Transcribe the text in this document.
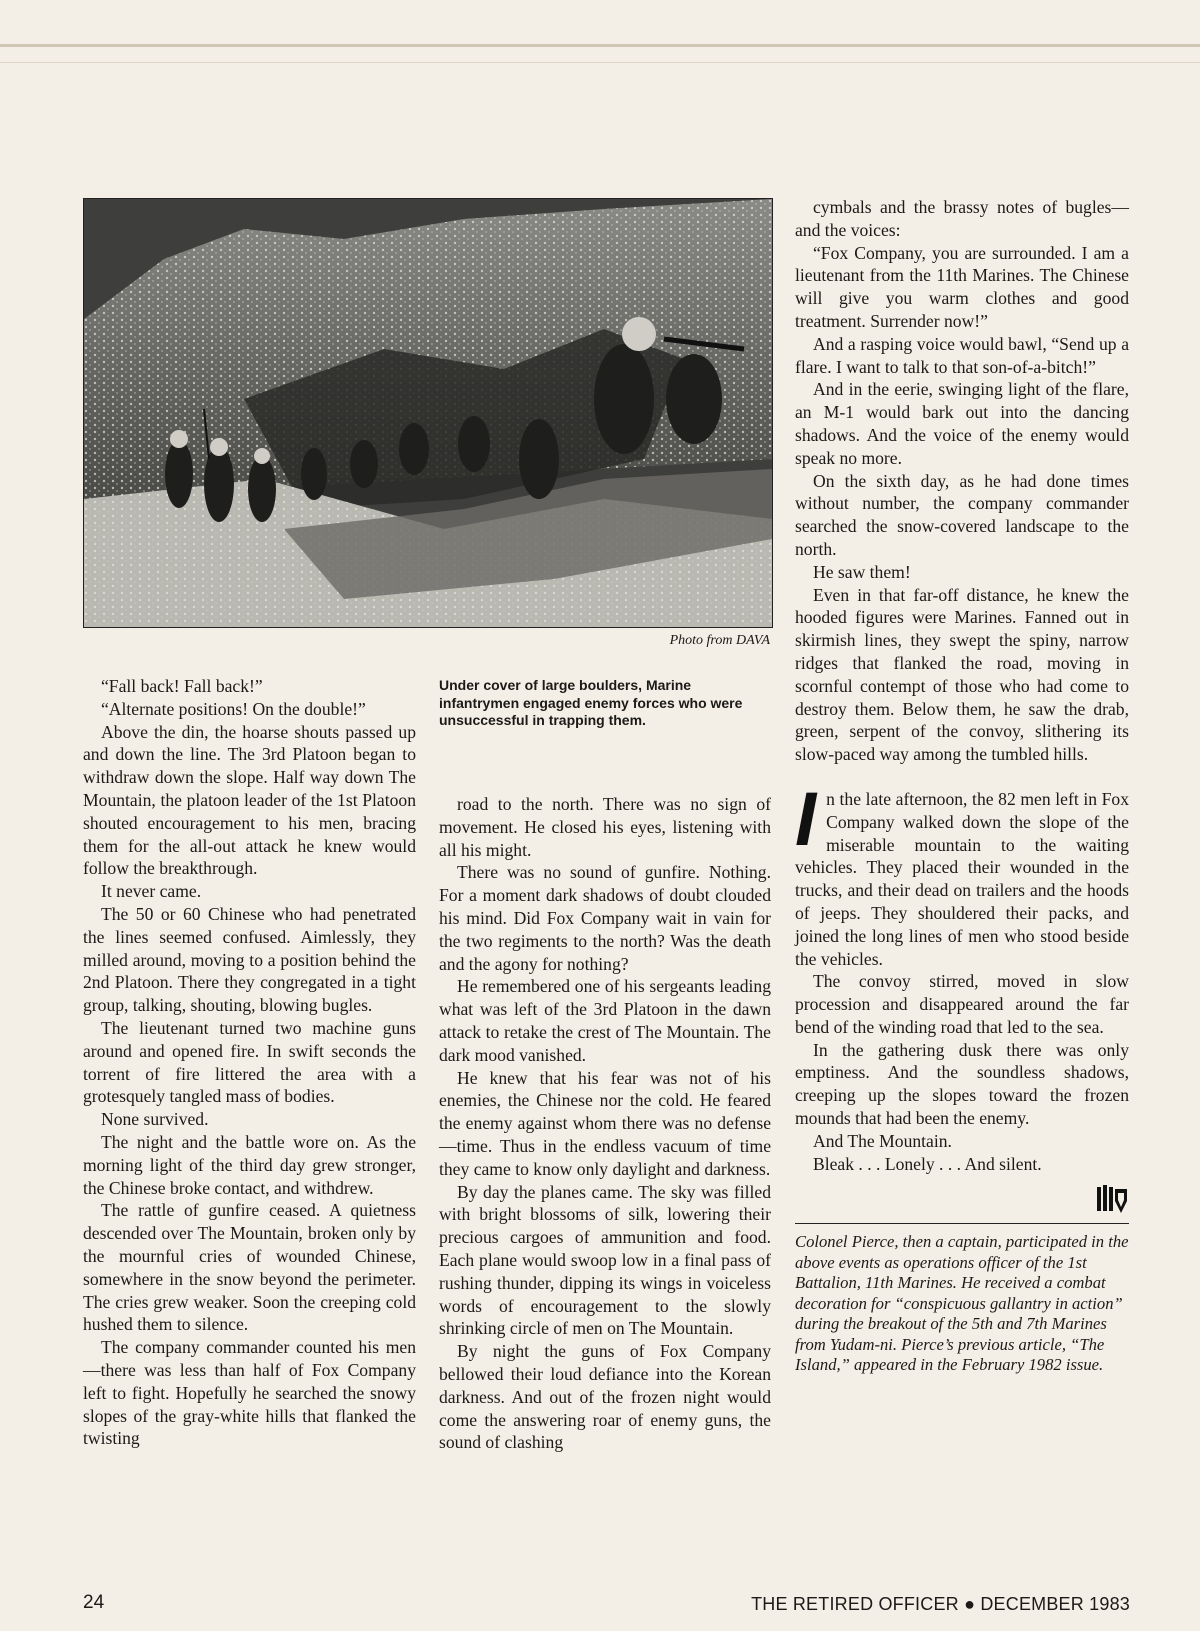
Photo from DAVA
Under cover of large boulders, Marine infantrymen engaged enemy forces who were unsuccessful in trapping them.

“Fall back! Fall back!”

“Alternate positions! On the double!”

Above the din, the hoarse shouts passed up and down the line. The 3rd Platoon began to withdraw down the slope. Half way down The Mountain, the platoon leader of the 1st Platoon shouted encouragement to his men, bracing them for the all-out attack he knew would follow the breakthrough.

It never came.

The 50 or 60 Chinese who had penetrated the lines seemed confused. Aimlessly, they milled around, moving to a position behind the 2nd Platoon. There they congregated in a tight group, talking, shouting, blowing bugles.

The lieutenant turned two machine guns around and opened fire. In swift seconds the torrent of fire littered the area with a grotesquely tangled mass of bodies.

None survived.

The night and the battle wore on. As the morning light of the third day grew stronger, the Chinese broke contact, and withdrew.

The rattle of gunfire ceased. A quietness descended over The Mountain, broken only by the mournful cries of wounded Chinese, somewhere in the snow beyond the perimeter. The cries grew weaker. Soon the creeping cold hushed them to silence.

The company commander counted his men—there was less than half of Fox Company left to fight. Hopefully he searched the snowy slopes of the gray-white hills that flanked the twisting

road to the north. There was no sign of movement. He closed his eyes, listening with all his might.

There was no sound of gunfire. Nothing. For a moment dark shadows of doubt clouded his mind. Did Fox Company wait in vain for the two regiments to the north? Was the death and the agony for nothing?

He remembered one of his sergeants leading what was left of the 3rd Platoon in the dawn attack to retake the crest of The Mountain. The dark mood vanished.

He knew that his fear was not of his enemies, the Chinese nor the cold. He feared the enemy against whom there was no defense—time. Thus in the endless vacuum of time they came to know only daylight and darkness.

By day the planes came. The sky was filled with bright blossoms of silk, lowering their precious cargoes of ammunition and food. Each plane would swoop low in a final pass of rushing thunder, dipping its wings in voiceless words of encouragement to the slowly shrinking circle of men on The Mountain.

By night the guns of Fox Company bellowed their loud defiance into the Korean darkness. And out of the frozen night would come the answering roar of enemy guns, the sound of clashing

cymbals and the brassy notes of bugles—and the voices:

“Fox Company, you are surrounded. I am a lieutenant from the 11th Marines. The Chinese will give you warm clothes and good treatment. Surrender now!”

And a rasping voice would bawl, “Send up a flare. I want to talk to that son-of-a-bitch!”

And in the eerie, swinging light of the flare, an M-1 would bark out into the dancing shadows. And the voice of the enemy would speak no more.

On the sixth day, as he had done times without number, the company commander searched the snow-covered landscape to the north.

He saw them!

Even in that far-off distance, he knew the hooded figures were Marines. Fanned out in skirmish lines, they swept the spiny, narrow ridges that flanked the road, moving in scornful contempt of those who had come to destroy them. Below them, he saw the drab, green, serpent of the convoy, slithering its slow-paced way among the tumbled hills.

In the late afternoon, the 82 men left in Fox Company walked down the slope of the miserable mountain to the waiting vehicles. They placed their wounded in the trucks, and their dead on trailers and the hoods of jeeps. They shouldered their packs, and joined the long lines of men who stood beside the vehicles.

The convoy stirred, moved in slow procession and disappeared around the far bend of the winding road that led to the sea.

In the gathering dusk there was only emptiness. And the soundless shadows, creeping up the slopes toward the frozen mounds that had been the enemy.

And The Mountain.

Bleak . . . Lonely . . . And silent.

Colonel Pierce, then a captain, participated in the above events as operations officer of the 1st Battalion, 11th Marines. He received a combat decoration for “conspicuous gallantry in action” during the breakout of the 5th and 7th Marines from Yudam-ni. Pierce’s previous article, “The Island,” appeared in the February 1982 issue.
24	THE RETIRED OFFICER ● DECEMBER 1983
